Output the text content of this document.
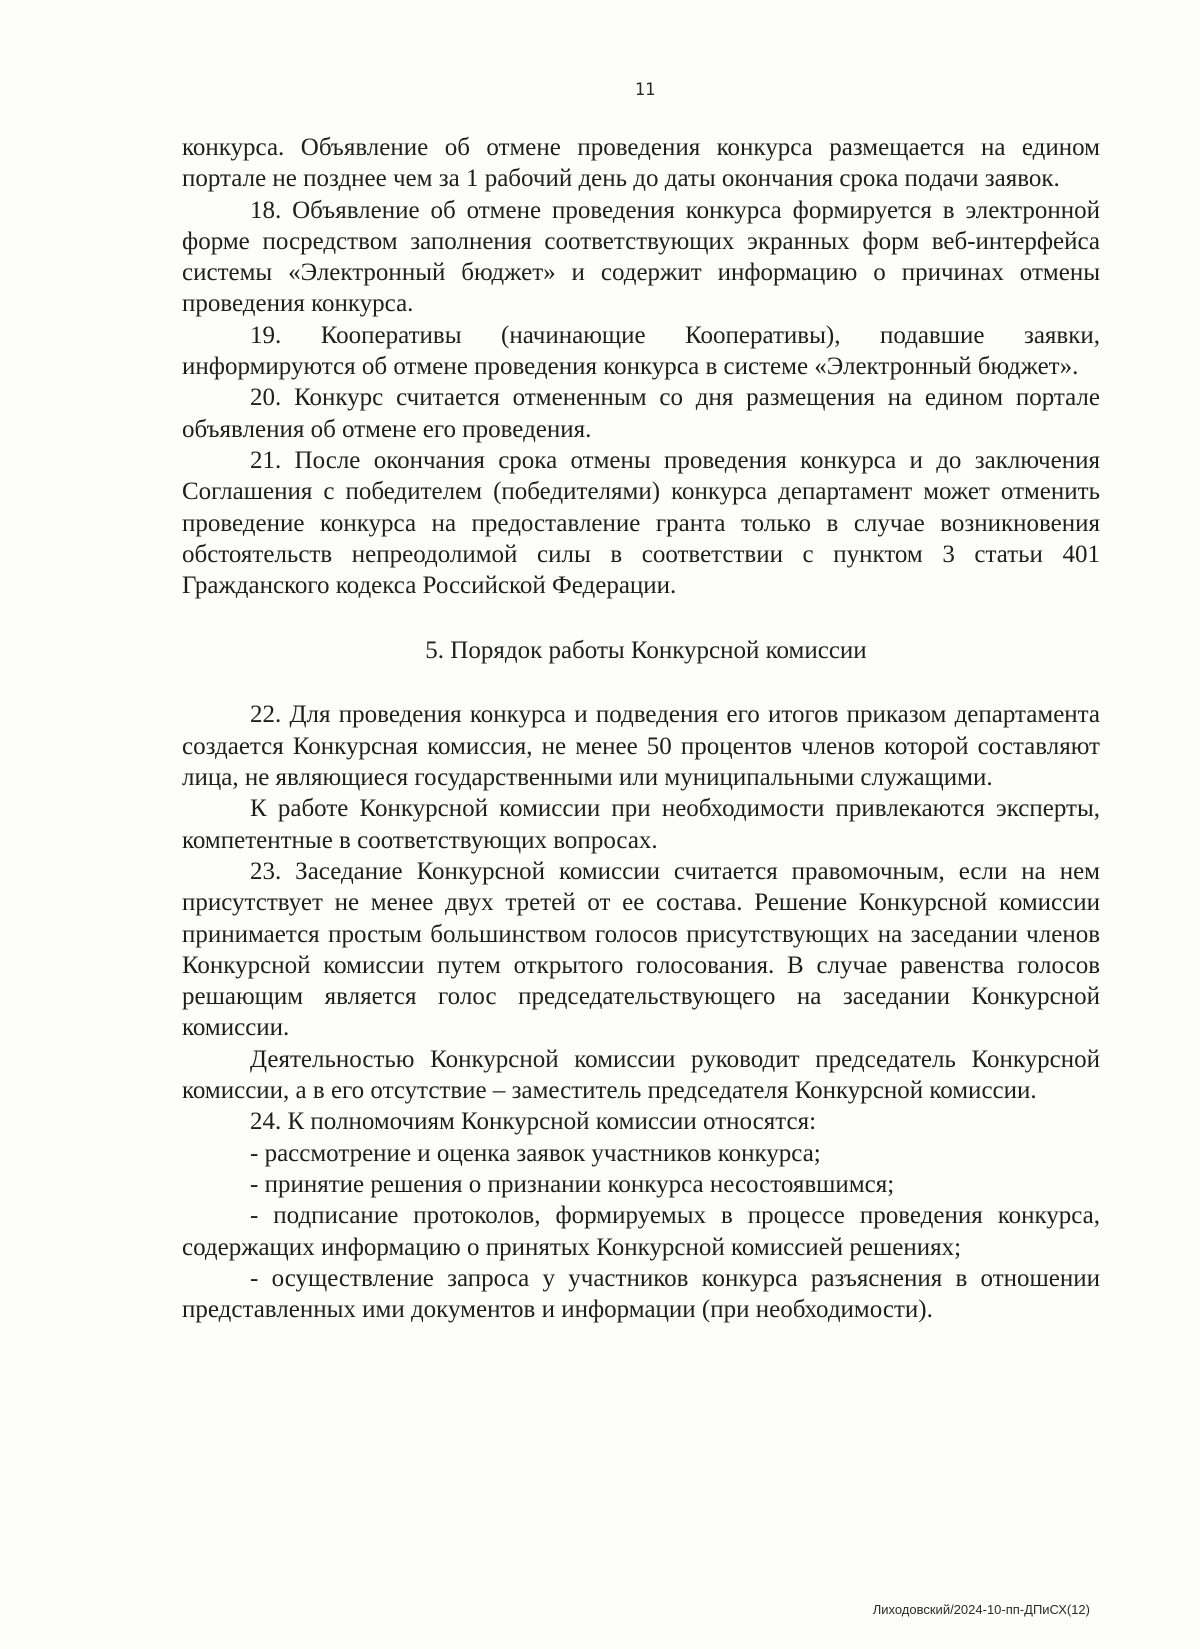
11

конкурса. Объявление об отмене проведения конкурса размещается на едином портале не позднее чем за 1 рабочий день до даты окончания срока подачи заявок.

18. Объявление об отмене проведения конкурса формируется в электронной форме посредством заполнения соответствующих экранных форм веб-интерфейса системы «Электронный бюджет» и содержит информацию о причинах отмены проведения конкурса.

19. Кооперативы (начинающие Кооперативы), подавшие заявки, информируются об отмене проведения конкурса в системе «Электронный бюджет».

20. Конкурс считается отмененным со дня размещения на едином портале объявления об отмене его проведения.

21. После окончания срока отмены проведения конкурса и до заключения Соглашения с победителем (победителями) конкурса департамент может отменить проведение конкурса на предоставление гранта только в случае возникновения обстоятельств непреодолимой силы в соответствии с пунктом 3 статьи 401 Гражданского кодекса Российской Федерации.

5. Порядок работы Конкурсной комиссии

22. Для проведения конкурса и подведения его итогов приказом департамента создается Конкурсная комиссия, не менее 50 процентов членов которой составляют лица, не являющиеся государственными или муниципальными служащими.

К работе Конкурсной комиссии при необходимости привлекаются эксперты, компетентные в соответствующих вопросах.

23. Заседание Конкурсной комиссии считается правомочным, если на нем присутствует не менее двух третей от ее состава. Решение Конкурсной комиссии принимается простым большинством голосов присутствующих на заседании членов Конкурсной комиссии путем открытого голосования. В случае равенства голосов решающим является голос председательствующего на заседании Конкурсной комиссии.

Деятельностью Конкурсной комиссии руководит председатель Конкурсной комиссии, а в его отсутствие – заместитель председателя Конкурсной комиссии.

24. К полномочиям Конкурсной комиссии относятся:

- рассмотрение и оценка заявок участников конкурса;

- принятие решения о признании конкурса несостоявшимся;

- подписание протоколов, формируемых в процессе проведения конкурса, содержащих информацию о принятых Конкурсной комиссией решениях;

- осуществление запроса у участников конкурса разъяснения в отношении представленных ими документов и информации (при необходимости).

Лиходовский/2024-10-пп-ДПиСХ(12)
